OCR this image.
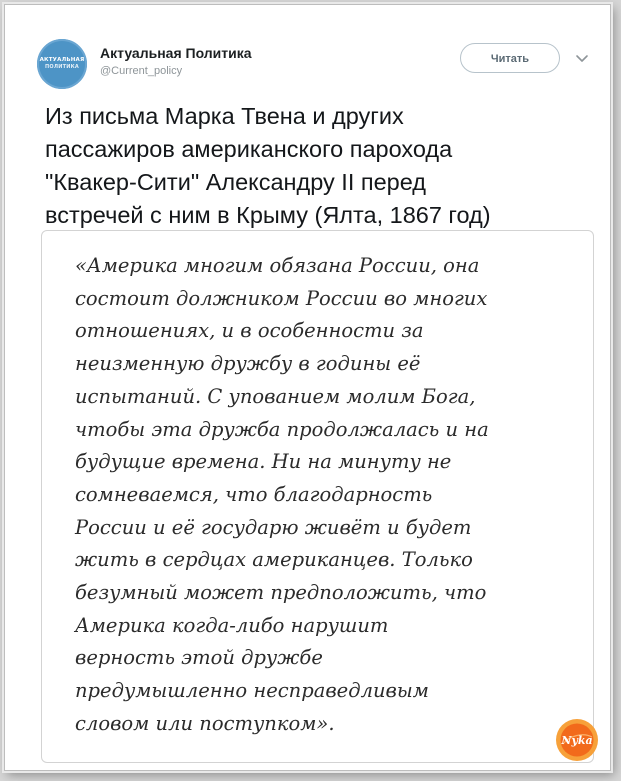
АКТУАЛЬНАЯ
ПОЛИТИКА
Актуальная Политика
@Current_policy
Читать
Из письма Марка Твена и других
пассажиров американского парохода
"Квакер-Сити" Александру II перед
встречей с ним в Крыму (Ялта, 1867 год)
«Америка многим обязана России, она
состоит должником России во многих
отношениях, и в особенности за
неизменную дружбу в годины её
испытаний. С упованием молим Бога,
чтобы эта дружба продолжалась и на
будущие времена. Ни на минуту не
сомневаемся, что благодарность
России и её государю живёт и будет
жить в сердцах американцев. Только
безумный может предположить, что
Америка когда-либо нарушит
верность этой дружбе
предумышленно несправедливым
словом или поступком».
Nyka
